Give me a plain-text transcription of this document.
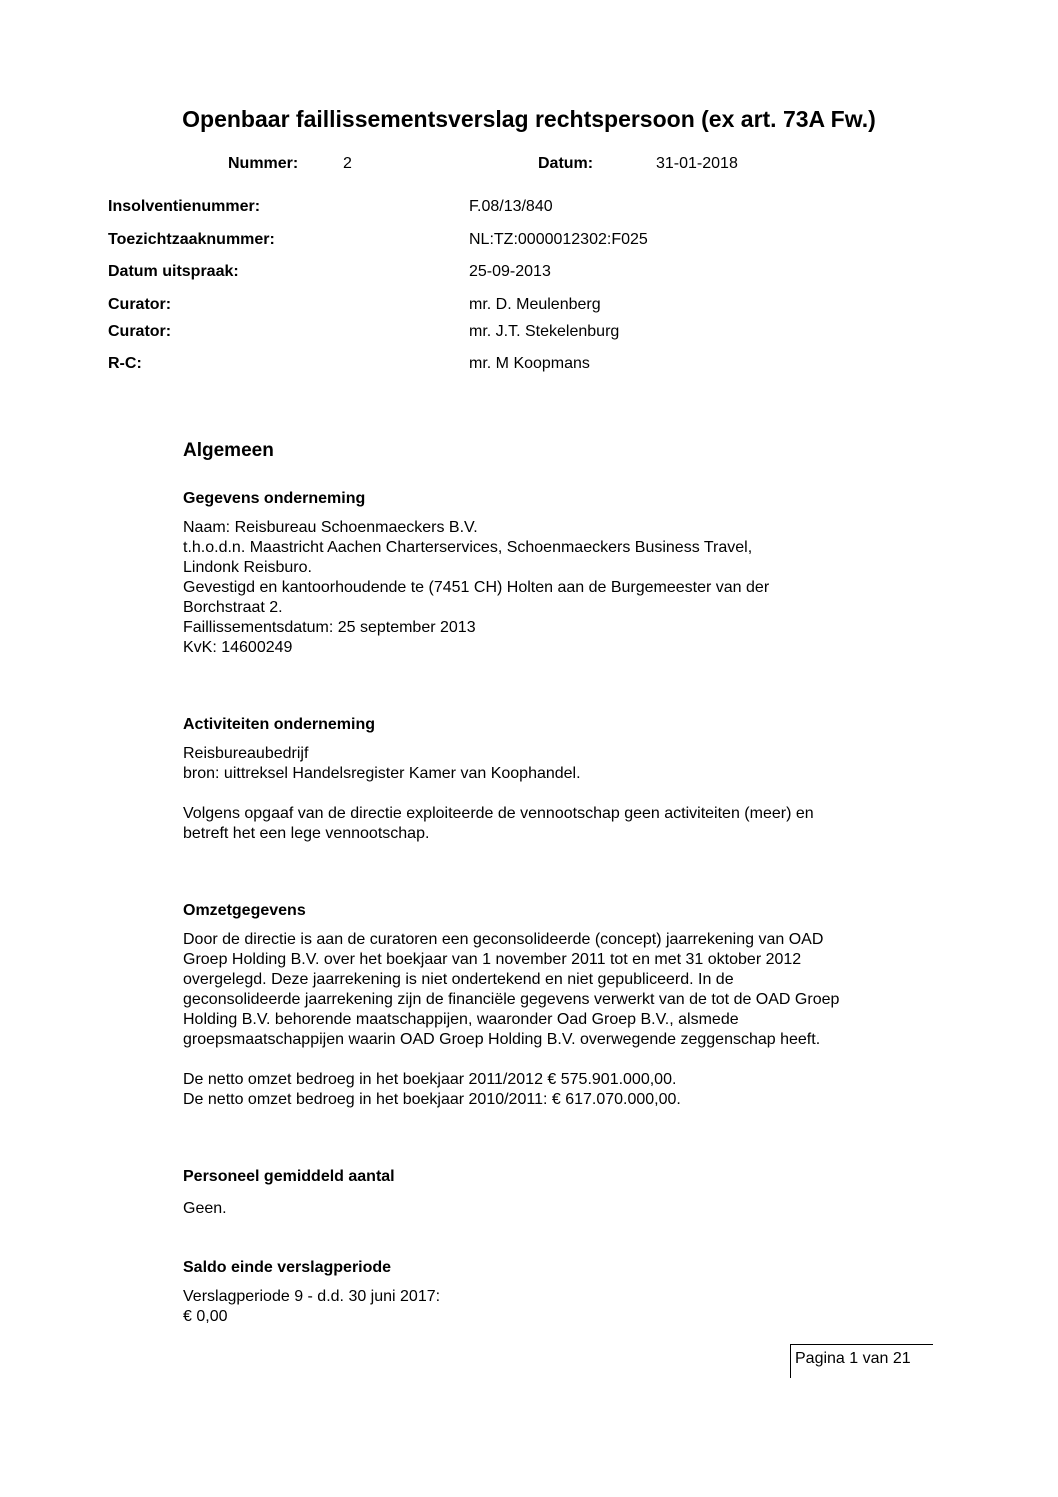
Openbaar faillissementsverslag rechtspersoon (ex art. 73A Fw.)
Nummer:	2	Datum:	31-01-2018
Insolventienummer:	F.08/13/840
Toezichtzaaknummer:	NL:TZ:0000012302:F025
Datum uitspraak:	25-09-2013
Curator:	mr. D. Meulenberg
Curator:	mr. J.T. Stekelenburg
R-C:	mr. M Koopmans
Algemeen
Gegevens onderneming
Naam: Reisbureau Schoenmaeckers B.V.
t.h.o.d.n. Maastricht Aachen Charterservices, Schoenmaeckers Business Travel,
Lindonk Reisburo.
Gevestigd en kantoorhoudende te (7451 CH) Holten aan de Burgemeester van der
Borchstraat 2.
Faillissementsdatum: 25 september 2013
KvK: 14600249
Activiteiten onderneming
Reisbureaubedrijf
bron: uittreksel Handelsregister Kamer van Koophandel.

Volgens opgaaf van de directie exploiteerde de vennootschap geen activiteiten (meer) en
betreft het een lege vennootschap.
Omzetgegevens
Door de directie is aan de curatoren een geconsolideerde (concept) jaarrekening van OAD
Groep Holding B.V. over het boekjaar van 1 november 2011 tot en met 31 oktober 2012
overgelegd. Deze jaarrekening is niet ondertekend en niet gepubliceerd. In de
geconsolideerde jaarrekening zijn de financiële gegevens verwerkt van de tot de OAD Groep
Holding B.V. behorende maatschappijen, waaronder Oad Groep B.V., alsmede
groepsmaatschappijen waarin OAD Groep Holding B.V. overwegende zeggenschap heeft.

De netto omzet bedroeg in het boekjaar 2011/2012 € 575.901.000,00.
De netto omzet bedroeg in het boekjaar 2010/2011: € 617.070.000,00.
Personeel gemiddeld aantal
Geen.
Saldo einde verslagperiode
Verslagperiode 9 - d.d. 30 juni 2017:
€ 0,00
Pagina 1 van 21
